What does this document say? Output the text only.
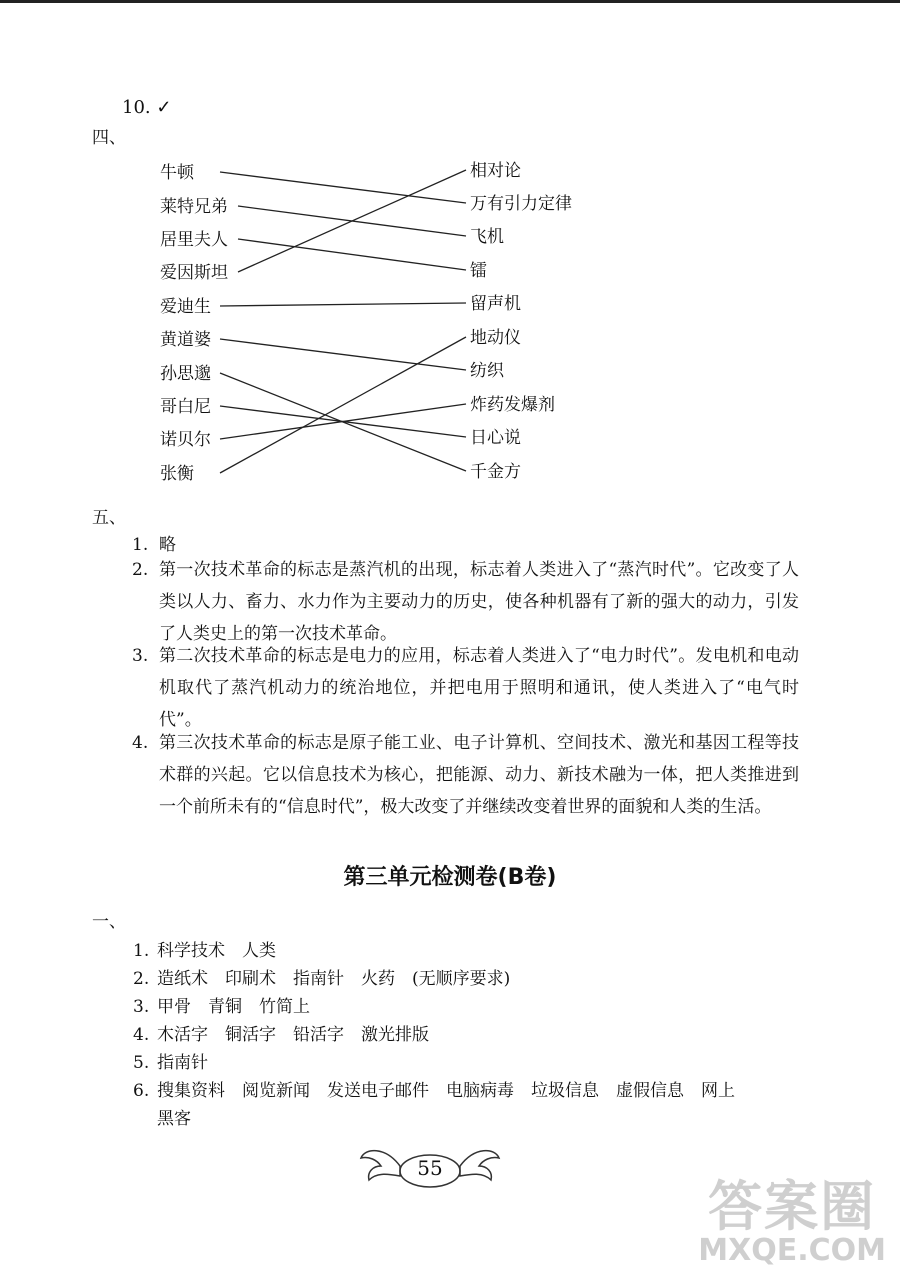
10. ✓
四、
牛顿
莱特兄弟
居里夫人
爱因斯坦
爱迪生
黄道婆
孙思邈
哥白尼
诺贝尔
张衡
相对论
万有引力定律
飞机
镭
留声机
地动仪
纺织
炸药发爆剂
日心说
千金方
五、
1. 略
2. 第一次技术革命的标志是蒸汽机的出现，标志着人类进入了“蒸汽时代”。它改变了人类以人力、畜力、水力作为主要动力的历史，使各种机器有了新的强大的动力，引发了人类史上的第一次技术革命。
3. 第二次技术革命的标志是电力的应用，标志着人类进入了“电力时代”。发电机和电动机取代了蒸汽机动力的统治地位，并把电用于照明和通讯，使人类进入了“电气时代”。
4. 第三次技术革命的标志是原子能工业、电子计算机、空间技术、激光和基因工程等技术群的兴起。它以信息技术为核心，把能源、动力、新技术融为一体，把人类推进到一个前所未有的“信息时代”，极大改变了并继续改变着世界的面貌和人类的生活。
第三单元检测卷(B卷)
一、
1. 科学技术　人类
2. 造纸术　印刷术　指南针　火药　(无顺序要求)
3. 甲骨　青铜　竹简上
4. 木活字　铜活字　铅活字　激光排版
5. 指南针
6. 搜集资料　阅览新闻　发送电子邮件　电脑病毒　垃圾信息　虚假信息　网上
黑客
55
答案圈
MXQE.COM
